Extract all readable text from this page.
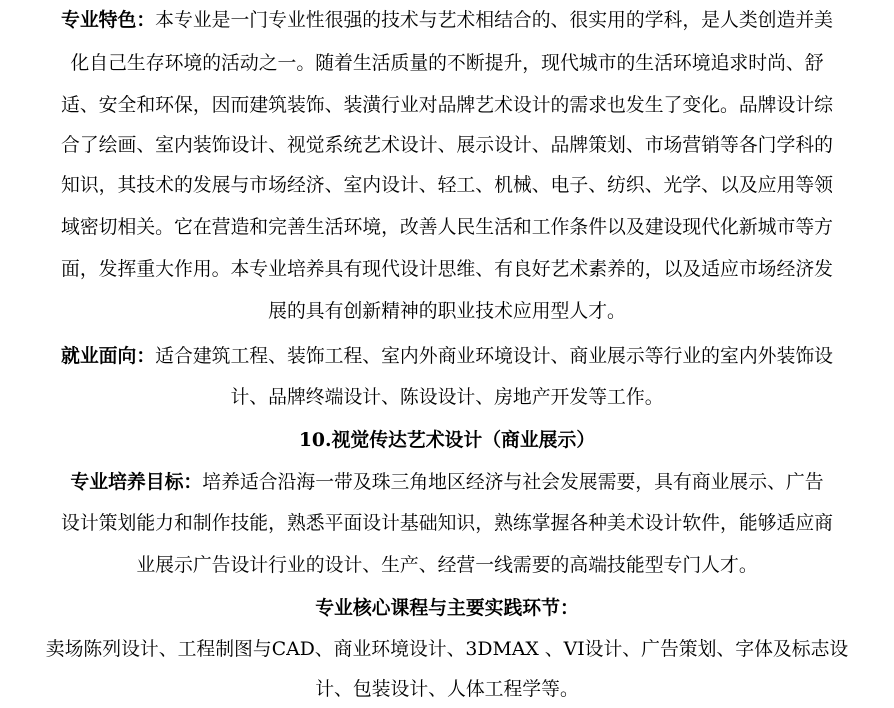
专业特色：本专业是一门专业性很强的技术与艺术相结合的、很实用的学科，是人类创造并美
化自己生存环境的活动之一。随着生活质量的不断提升，现代城市的生活环境追求时尚、舒
适、安全和环保，因而建筑装饰、装潢行业对品牌艺术设计的需求也发生了变化。品牌设计综
合了绘画、室内装饰设计、视觉系统艺术设计、展示设计、品牌策划、市场营销等各门学科的
知识，其技术的发展与市场经济、室内设计、轻工、机械、电子、纺织、光学、以及应用等领
域密切相关。它在营造和完善生活环境，改善人民生活和工作条件以及建设现代化新城市等方
面，发挥重大作用。本专业培养具有现代设计思维、有良好艺术素养的，以及适应市场经济发
展的具有创新精神的职业技术应用型人才。
就业面向：适合建筑工程、装饰工程、室内外商业环境设计、商业展示等行业的室内外装饰设
计、品牌终端设计、陈设设计、房地产开发等工作。
10.视觉传达艺术设计（商业展示）
专业培养目标：培养适合沿海一带及珠三角地区经济与社会发展需要，具有商业展示、广告
设计策划能力和制作技能，熟悉平面设计基础知识，熟练掌握各种美术设计软件，能够适应商
业展示广告设计行业的设计、生产、经营一线需要的高端技能型专门人才。
专业核心课程与主要实践环节：
卖场陈列设计、工程制图与CAD、商业环境设计、3DMAX 、VI设计、广告策划、字体及标志设
计、包装设计、人体工程学等。
